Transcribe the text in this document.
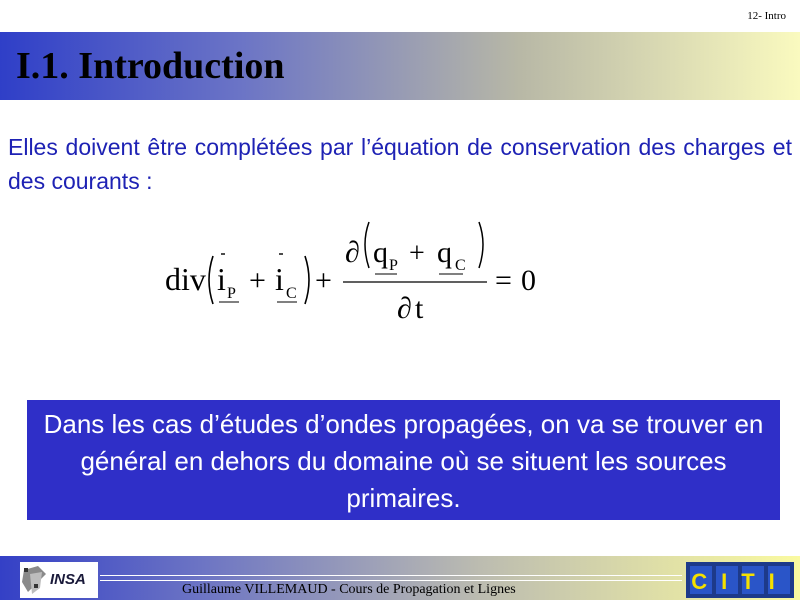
12- Intro
I.1. Introduction
Elles doivent être complétées par l’équation de conservation des charges et des courants :
div i P + i C +
∂ q P + q C
∂ t
= 0
Dans les cas d’études d’ondes propagées, on va se trouver en général en dehors du domaine où se situent les sources primaires.
INSA
Guillaume VILLEMAUD - Cours de Propagation et Lignes	CITI
